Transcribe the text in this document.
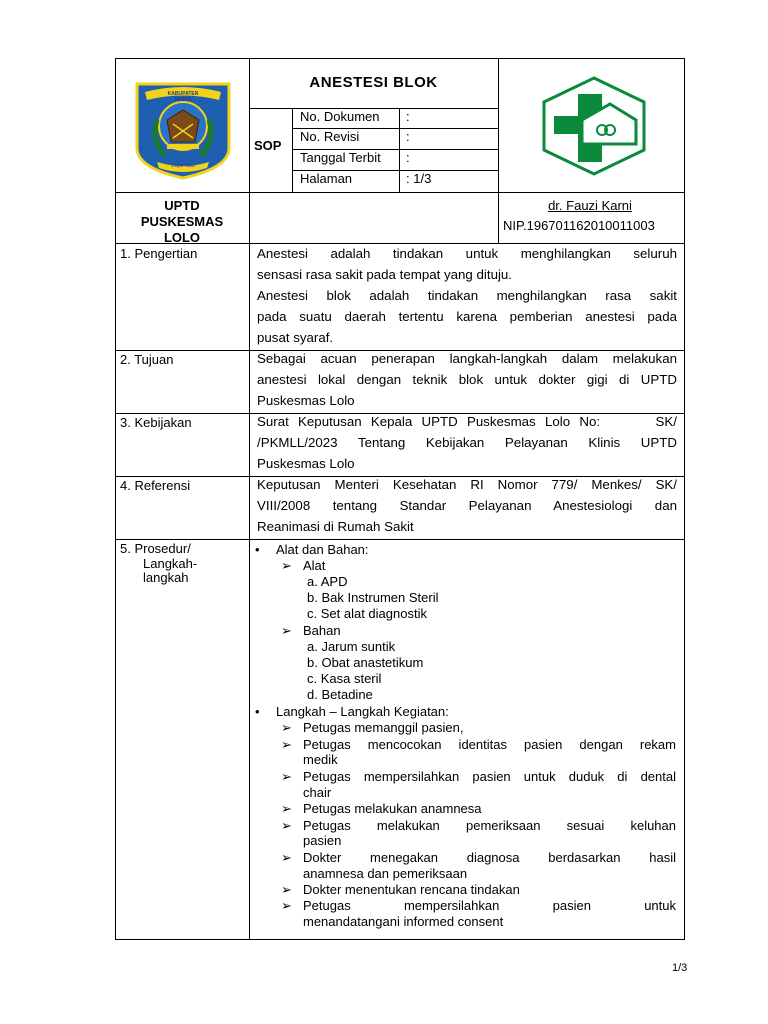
KABUPATEN PASER
Daya Taka
ANESTESI BLOK
SOP
No. Dokumen :
No. Revisi	:
Tanggal Terbit :
Halaman	: 1/3
UPTD
PUSKESMAS
LOLO
dr. Fauzi Karni
NIP.196701162010011003
1. Pengertian	Anestesi adalah tindakan untuk menghilangkan seluruh
sensasi rasa sakit pada tempat yang dituju.
Anestesi blok adalah tindakan menghilangkan rasa sakit
pada suatu daerah tertentu karena pemberian anestesi pada
pusat syaraf.
2. Tujuan	Sebagai acuan penerapan langkah-langkah dalam melakukan
anestesi lokal dengan teknik blok untuk dokter gigi di UPTD
Puskesmas Lolo
3. Kebijakan	Surat Keputusan Kepala UPTD Puskesmas Lolo No:      SK/
/PKMLL/2023 Tentang Kebijakan Pelayanan Klinis UPTD
Puskesmas Lolo
4. Referensi	Keputusan Menteri Kesehatan RI Nomor 779/ Menkes/ SK/
VIII/2008 tentang Standar Pelayanan Anestesiologi dan
Reanimasi di Rumah Sakit
5. Prosedur/
Langkah-
langkah
• Alat dan Bahan:
➢ Alat
a. APD
b. Bak Instrumen Steril
c. Set alat diagnostik
➢ Bahan
a. Jarum suntik
b. Obat anastetikum
c. Kasa steril
d. Betadine
• Langkah – Langkah Kegiatan:
➢ Petugas memanggil pasien,
➢ Petugas mencocokan identitas pasien dengan rekam
medik
➢ Petugas mempersilahkan pasien untuk duduk di dental
chair
➢ Petugas melakukan anamnesa
➢ Petugas melakukan pemeriksaan sesuai keluhan
pasien
➢ Dokter menegakan diagnosa berdasarkan hasil
anamnesa dan pemeriksaan
➢ Dokter menentukan rencana tindakan
➢ Petugas mempersilahkan pasien untuk
menandatangani informed consent
1/3
